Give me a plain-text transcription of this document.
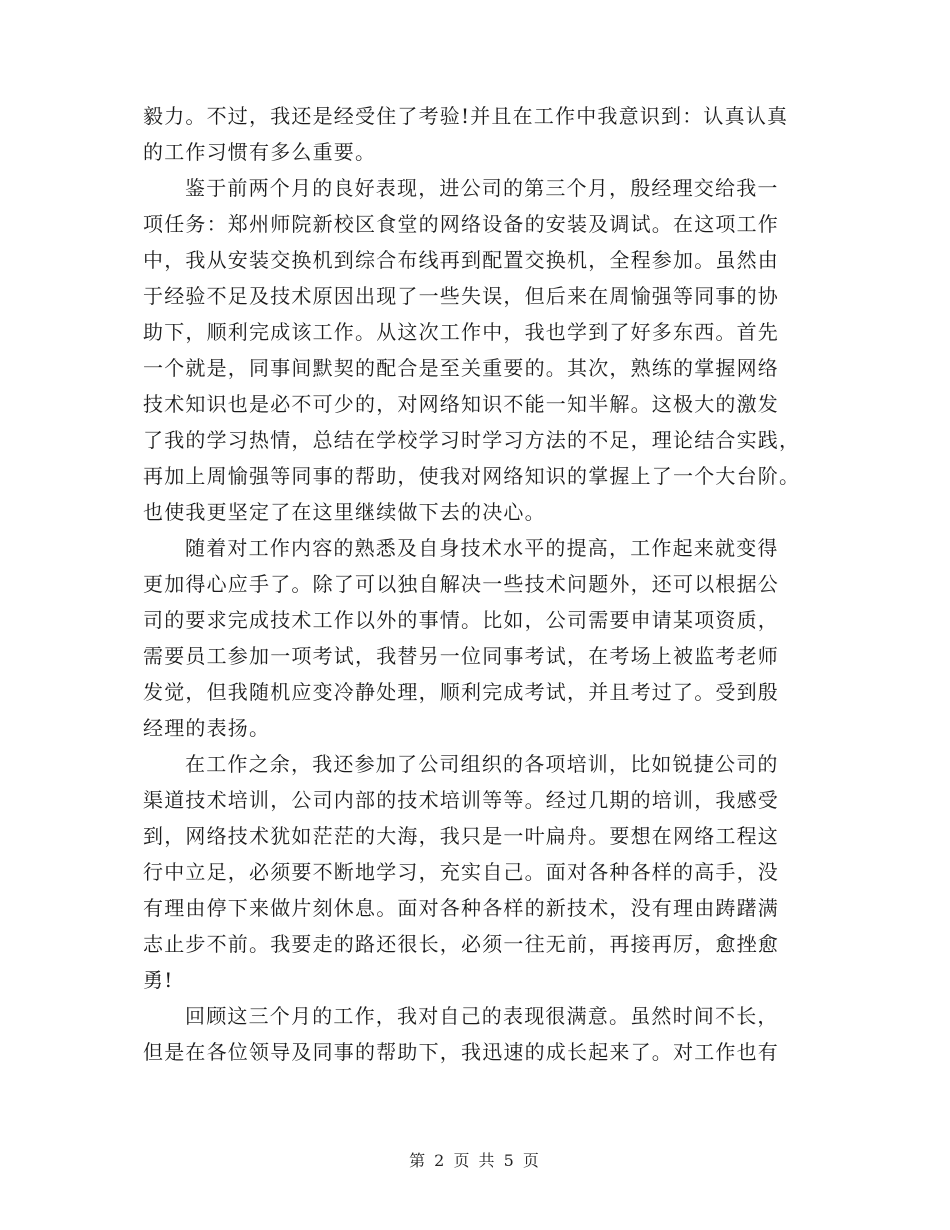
毅力。不过，我还是经受住了考验!并且在工作中我意识到：认真认真
的工作习惯有多么重要。
鉴于前两个月的良好表现，进公司的第三个月，殷经理交给我一
项任务：郑州师院新校区食堂的网络设备的安装及调试。在这项工作
中，我从安装交换机到综合布线再到配置交换机，全程参加。虽然由
于经验不足及技术原因出现了一些失误，但后来在周愉强等同事的协
助下，顺利完成该工作。从这次工作中，我也学到了好多东西。首先
一个就是，同事间默契的配合是至关重要的。其次，熟练的掌握网络
技术知识也是必不可少的，对网络知识不能一知半解。这极大的激发
了我的学习热情，总结在学校学习时学习方法的不足，理论结合实践，
再加上周愉强等同事的帮助，使我对网络知识的掌握上了一个大台阶。
也使我更坚定了在这里继续做下去的决心。
随着对工作内容的熟悉及自身技术水平的提高，工作起来就变得
更加得心应手了。除了可以独自解决一些技术问题外，还可以根据公
司的要求完成技术工作以外的事情。比如，公司需要申请某项资质，
需要员工参加一项考试，我替另一位同事考试，在考场上被监考老师
发觉，但我随机应变冷静处理，顺利完成考试，并且考过了。受到殷
经理的表扬。
在工作之余，我还参加了公司组织的各项培训，比如锐捷公司的
渠道技术培训，公司内部的技术培训等等。经过几期的培训，我感受
到，网络技术犹如茫茫的大海，我只是一叶扁舟。要想在网络工程这
行中立足，必须要不断地学习，充实自己。面对各种各样的高手，没
有理由停下来做片刻休息。面对各种各样的新技术，没有理由踌躇满
志止步不前。我要走的路还很长，必须一往无前，再接再厉，愈挫愈
勇!
回顾这三个月的工作，我对自己的表现很满意。虽然时间不长，
但是在各位领导及同事的帮助下，我迅速的成长起来了。对工作也有
第 2 页 共 5 页
